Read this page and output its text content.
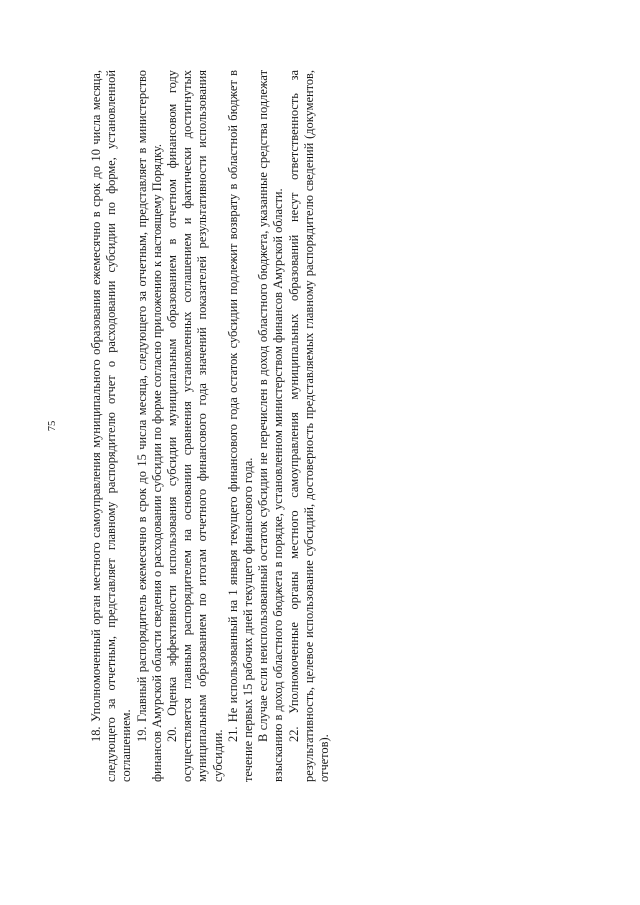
75	18. Уполномоченный орган местного самоуправления муниципального образования ежемесячно в срок до 10 числа месяца, следующего за отчетным, представляет главному распорядителю отчет о расходовании субсидии по форме, установленной соглашением.

19. Главный распорядитель ежемесячно в срок до 15 числа месяца, следующего за отчетным, представляет в министерство финансов Амурской области сведения о расходовании субсидии по форме согласно приложению к настоящему Порядку. 20. Оценка эффективности использования субсидии муниципальным образованием в отчетном финансовом году осуществляется главным распорядителем на основании сравнения установленных соглашением и фактически достигнутых муниципальным образованием по итогам отчетного финансового года значений показателей результативности использования субсидии.

21. Не использованный на 1 января текущего финансового года остаток субсидии подлежит возврату в областной бюджет в течение первых 15 рабочих дней текущего финансового года. В случае если неиспользованный остаток субсидии не перечислен в доход областного бюджета, указанные средства подлежат взысканию в доход областного бюджета в порядке, установленном министерством финансов Амурской области. 22. Уполномоченные органы местного самоуправления муниципальных образований несут ответственность за результативность, целевое использование субсидий, достоверность представляемых главному распорядителю сведений (документов, отчетов).
